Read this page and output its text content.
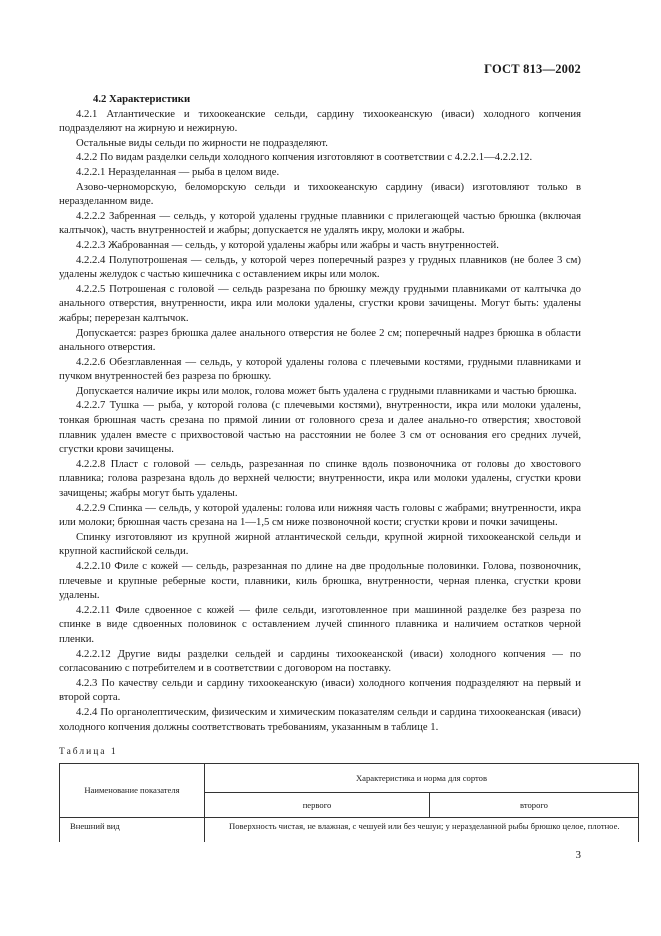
ГОСТ 813—2002

4.2 Характеристики

4.2.1 Атлантические и тихоокеанские сельди, сардину тихоокеанскую (иваси) холодного копчения подразделяют на жирную и нежирную.

Остальные виды сельди по жирности не подразделяют.

4.2.2 По видам разделки сельди холодного копчения изготовляют в соответствии с 4.2.2.1—4.2.2.12.

4.2.2.1 Неразделанная — рыба в целом виде.

Азово-черноморскую, беломорскую сельди и тихоокеанскую сардину (иваси) изготовляют только в неразделанном виде.

4.2.2.2 Забренная — сельдь, у которой удалены грудные плавники с прилегающей частью брюшка (включая калтычок), часть внутренностей и жабры; допускается не удалять икру, молоки и жабры.

4.2.2.3 Жаброванная — сельдь, у которой удалены жабры или жабры и часть внутренностей.

4.2.2.4 Полупотрошеная — сельдь, у которой через поперечный разрез у грудных плавников (не более 3 см) удалены желудок с частью кишечника с оставлением икры или молок.

4.2.2.5 Потрошеная с головой — сельдь разрезана по брюшку между грудными плавниками от калтычка до анального отверстия, внутренности, икра или молоки удалены, сгустки крови зачищены. Могут быть: удалены жабры; перерезан калтычок.

Допускается: разрез брюшка далее анального отверстия не более 2 см; поперечный надрез брюшка в области анального отверстия.

4.2.2.6 Обезглавленная — сельдь, у которой удалены голова с плечевыми костями, грудными плавниками и пучком внутренностей без разреза по брюшку.

Допускается наличие икры или молок, голова может быть удалена с грудными плавниками и частью брюшка.

4.2.2.7 Тушка — рыба, у которой голова (с плечевыми костями), внутренности, икра или молоки удалены, тонкая брюшная часть срезана по прямой линии от головного среза и далее анально-го отверстия; хвостовой плавник удален вместе с прихвостовой частью на расстоянии не более 3 см от основания его средних лучей, сгустки крови зачищены.

4.2.2.8 Пласт с головой — сельдь, разрезанная по спинке вдоль позвоночника от головы до хвостового плавника; голова разрезана вдоль до верхней челюсти; внутренности, икра или молоки удалены, сгустки крови зачищены; жабры могут быть удалены.

4.2.2.9 Спинка — сельдь, у которой удалены: голова или нижняя часть головы с жабрами; внутренности, икра или молоки; брюшная часть срезана на 1—1,5 см ниже позвоночной кости; сгустки крови и почки зачищены.

Спинку изготовляют из крупной жирной атлантической сельди, крупной жирной тихоокеанской сельди и крупной каспийской сельди.

4.2.2.10 Филе с кожей — сельдь, разрезанная по длине на две продольные половинки. Голова, позвоночник, плечевые и крупные реберные кости, плавники, киль брюшка, внутренности, черная пленка, сгустки крови удалены.

4.2.2.11 Филе сдвоенное с кожей — филе сельди, изготовленное при машинной разделке без разреза по спинке в виде сдвоенных половинок с оставлением лучей спинного плавника и наличием остатков черной пленки.

4.2.2.12 Другие виды разделки сельдей и сардины тихоокеанской (иваси) холодного копчения — по согласованию с потребителем и в соответствии с договором на поставку.

4.2.3 По качеству сельди и сардину тихоокеанскую (иваси) холодного копчения подразделяют на первый и второй сорта.

4.2.4 По органолептическим, физическим и химическим показателям сельди и сардина тихоокеанская (иваси) холодного копчения должны соответствовать требованиям, указанным в таблице 1.

Таблица 1
Наименование показателя	Характеристика и норма для сортов	
	первого	второго
Внешний вид	Поверхность чистая, не влажная, с чешуей или без чешуи; у неразделанной рыбы брюшко целое, плотное.	
3
